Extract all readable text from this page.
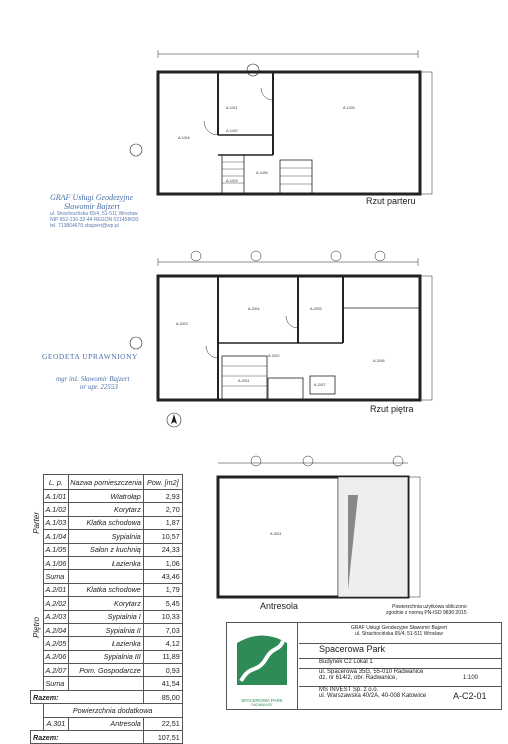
A.1/04
A.1/01	A.1/05
A.1/02
A.1/03
A.1/06
Rzut parteru
GRAF Usługi Geodezyjne
Sławomir Bajzert
ul. Strachocińska 65/4, 51-511 Wrocław
NIP 652-136-32-44 REGON 021458693
tel. 713864679 sbajzert@wp.pl
A.2/03
A.2/04	A.2/05
A.2/02
A.2/06
A.2/01
A.2/07
Rzut piętra
GEODETA UPRAWNIONY
mgr inż. Sławomir Bajzert
nr upr. 22553
A.3/01
Antresola
	L. p.	Nazwa pomieszczenia	Pow. [m2]

Parter	A.1/01	Wiatrołap	2,93
	A.1/02	Korytarz	2,70
	A.1/03	Klatka schodowa	1,87
	A.1/04	Sypialnia	10,57
	A.1/05	Salon z kuchnią	24,33
	A.1/06	Łazienka	1,06
	Suma		43,46

Piętro	A.2/01	Klatka schodowe	1,79
	A.2/02	Korytarz	5,45
	A.2/03	Sypialnia I	10,33
	A.2/04	Sypialnia II	7,03
	A.2/05	Łazienka	4,12
	A.2/06	Sypialnia III	11,89
	A.2/07	Pom. Gospodarcze	0,93
	Suma		41,54
Razem:			85,00
	Powierzchnia dodatkowa		
	A.301	Antresola	22,51
Razem:			107,51
Powierzchnia użytkowa obliczono
zgodnie z normą PN-ISO 9836:2015
SPACEROWA PARK
RADWANICE
GRAF Usługi Geodezyjne Sławomir Bajzert
ul. Strachocińska 65/4, 51-511 Wrocław
Spacerowa Park
Budynek C2 Lokal 1
ul. Spacerowa 35G, 55-010 Radwanice
dz. nr 614/2, obr. Radwanice,	1:100
MS INVEST Sp. z o.o.
ul. Warszawska 40/2A, 40-008 Katowice	A-C2-01
